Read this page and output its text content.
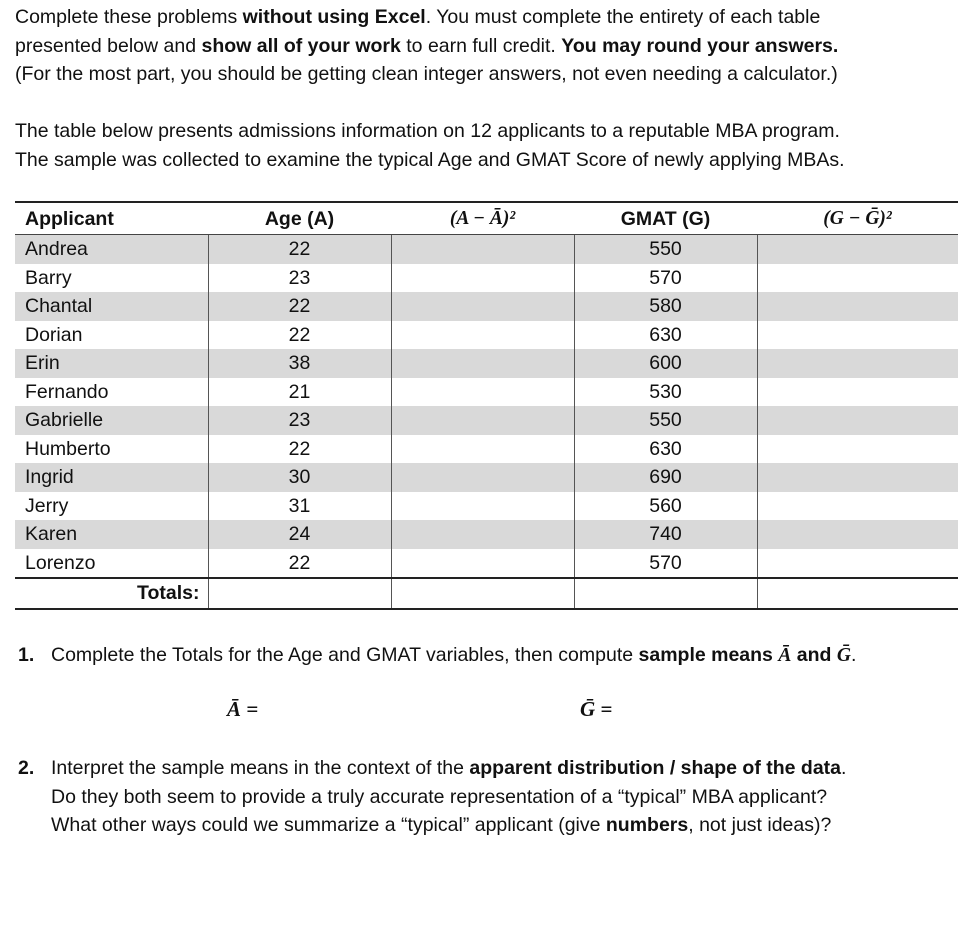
Complete these problems without using Excel. You must complete the entirety of each table

presented below and show all of your work to earn full credit. You may round your answers.

(For the most part, you should be getting clean integer answers, not even needing a calculator.)

The table below presents admissions information on 12 applicants to a reputable MBA program.

The sample was collected to examine the typical Age and GMAT Score of newly applying MBAs.

Applicant	Age (A)	(A − Ā)²	GMAT (G)	(G − Ḡ)²
Andrea	22		550	
Barry	23		570	
Chantal	22		580	
Dorian	22		630	
Erin	38		600	
Fernando	21		530	
Gabrielle	23		550	
Humberto	22		630	
Ingrid	30		690	
Jerry	31		560	
Karen	24		740	
Lorenzo	22		570	
Totals:				

1. Complete the Totals for the Age and GMAT variables, then compute sample means Ā and Ḡ.

Ā =	Ḡ =

2. Interpret the sample means in the context of the apparent distribution / shape of the data.

Do they both seem to provide a truly accurate representation of a “typical” MBA applicant?

What other ways could we summarize a “typical” applicant (give numbers, not just ideas)?
